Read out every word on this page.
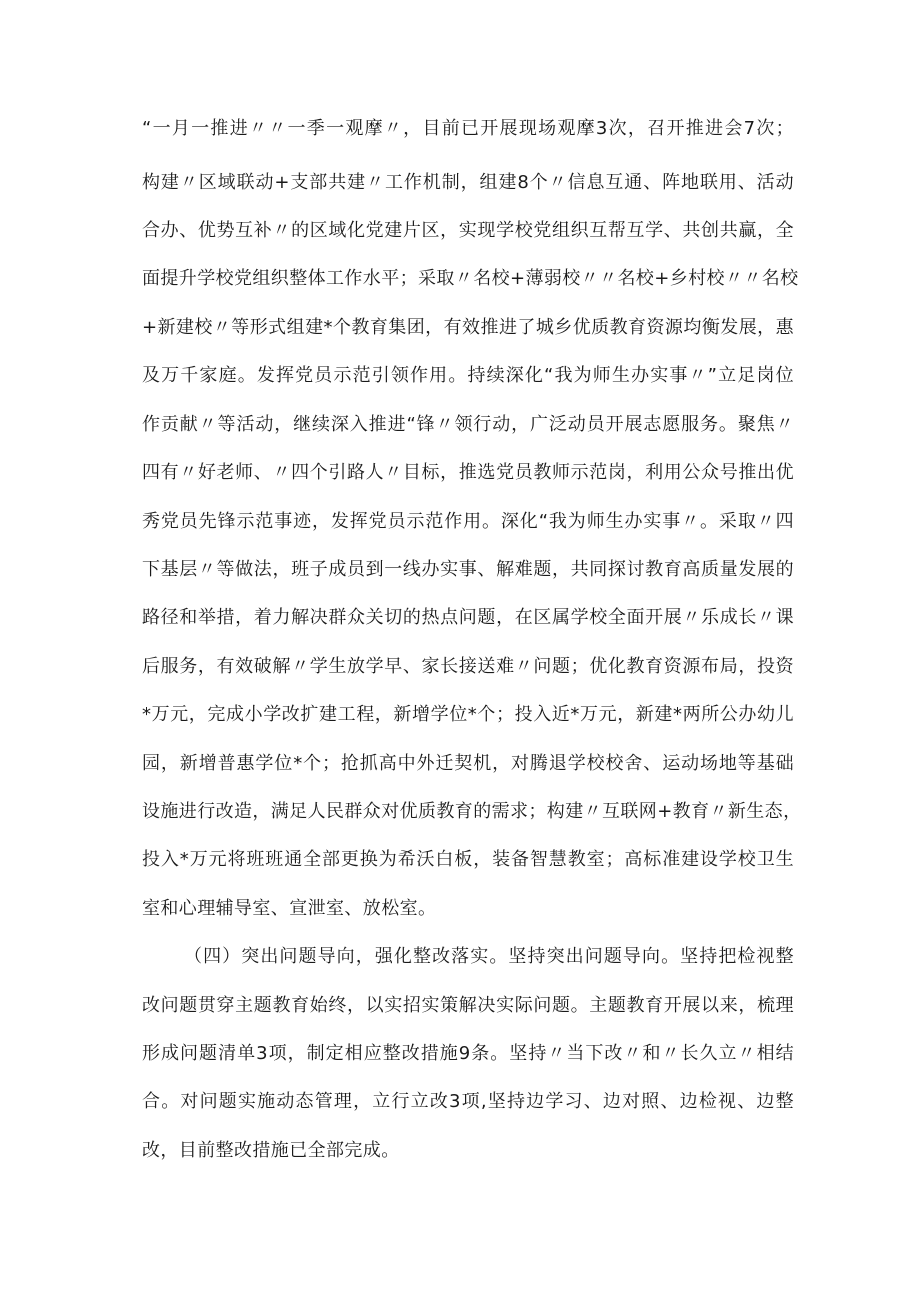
“一月一推进〃〃一季一观摩〃，目前已开展现场观摩3次，召开推进会7次；
构建〃区域联动+支部共建〃工作机制，组建8个〃信息互通、阵地联用、活动
合办、优势互补〃的区域化党建片区，实现学校党组织互帮互学、共创共赢，全
面提升学校党组织整体工作水平；采取〃名校+薄弱校〃〃名校+乡村校〃〃名校
+新建校〃等形式组建*个教育集团，有效推进了城乡优质教育资源均衡发展，惠
及万千家庭。发挥党员示范引领作用。持续深化“我为师生办实事〃”立足岗位
作贡献〃等活动，继续深入推进“锋〃领行动，广泛动员开展志愿服务。聚焦〃
四有〃好老师、〃四个引路人〃目标，推选党员教师示范岗，利用公众号推出优
秀党员先锋示范事迹，发挥党员示范作用。深化“我为师生办实事〃。采取〃四
下基层〃等做法，班子成员到一线办实事、解难题，共同探讨教育高质量发展的
路径和举措，着力解决群众关切的热点问题，在区属学校全面开展〃乐成长〃课
后服务，有效破解〃学生放学早、家长接送难〃问题；优化教育资源布局，投资
*万元，完成小学改扩建工程，新增学位*个；投入近*万元，新建*两所公办幼儿
园，新增普惠学位*个；抢抓高中外迁契机，对腾退学校校舍、运动场地等基础
设施进行改造，满足人民群众对优质教育的需求；构建〃互联网+教育〃新生态，
投入*万元将班班通全部更换为希沃白板，装备智慧教室；高标准建设学校卫生
室和心理辅导室、宣泄室、放松室。
（四）突出问题导向，强化整改落实。坚持突出问题导向。坚持把检视整
改问题贯穿主题教育始终，以实招实策解决实际问题。主题教育开展以来，梳理
形成问题清单3项，制定相应整改措施9条。坚持〃当下改〃和〃长久立〃相结
合。对问题实施动态管理，立行立改3项,坚持边学习、边对照、边检视、边整
改，目前整改措施已全部完成。
